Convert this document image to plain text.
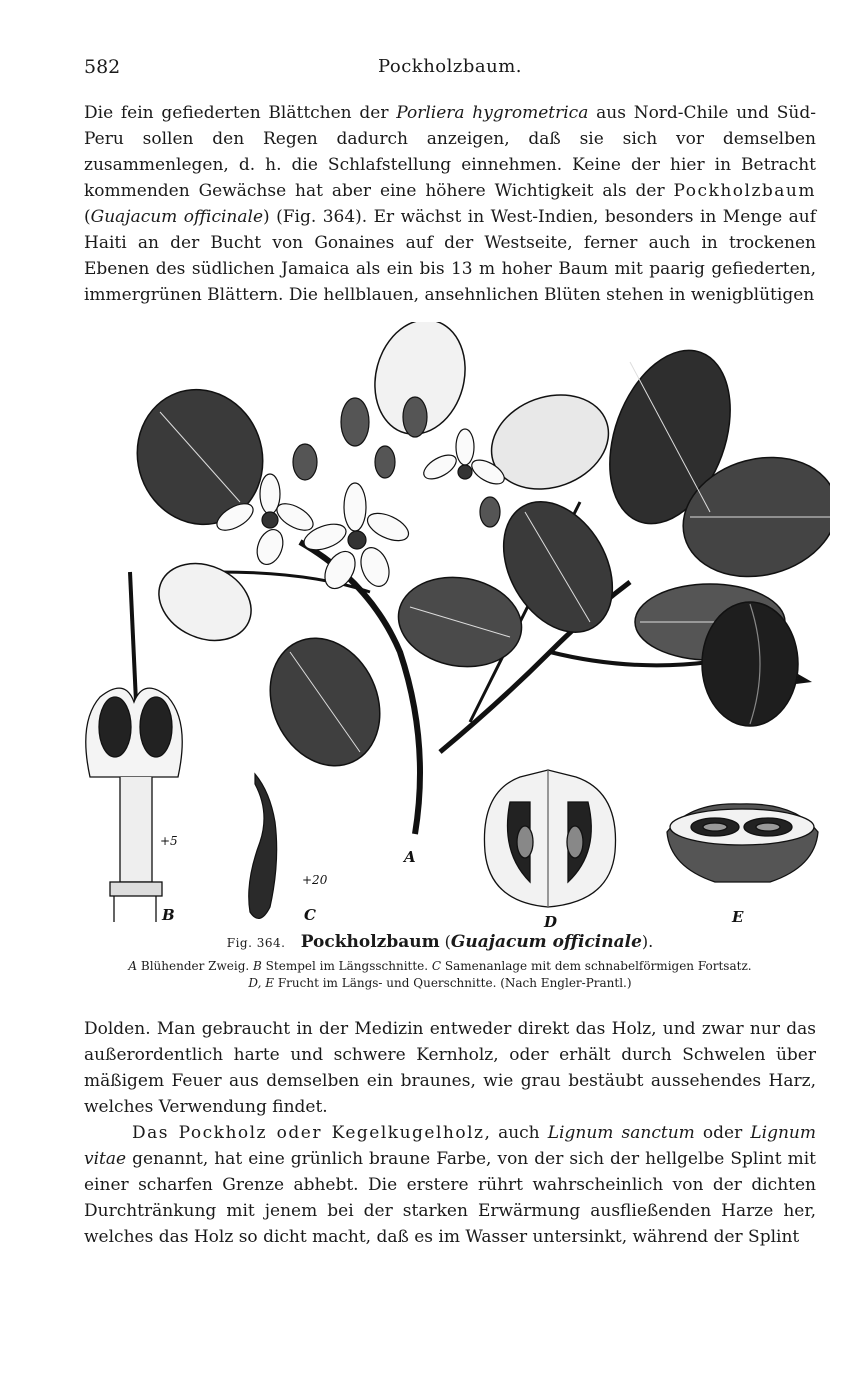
582	Pockholzbaum.

Die fein gefiederten Blättchen der Porliera hygrometrica aus Nord-Chile und Süd-Peru sollen den Regen dadurch anzeigen, daß sie sich vor demselben zusammenlegen, d. h. die Schlafstellung einnehmen. Keine der hier in Betracht kommenden Gewächse hat aber eine höhere Wichtigkeit als der Pockholzbaum (Guajacum officinale) (Fig. 364). Er wächst in West-Indien, besonders in Menge auf Haiti an der Bucht von Gonaines auf der Westseite, ferner auch in trockenen Ebenen des südlichen Jamaica als ein bis 13 m hoher Baum mit paarig gefiederten, immergrünen Blättern. Die hellblauen, ansehnlichen Blüten stehen in wenigblütigen

A
B	C	D	E
+5
+20

Fig. 364. Pockholzbaum (Guajacum officinale).

A Blühender Zweig. B Stempel im Längsschnitte. C Samenanlage mit dem schnabelförmigen Fortsatz.

D, E Frucht im Längs- und Querschnitte. (Nach Engler-Prantl.)

Dolden. Man gebraucht in der Medizin entweder direkt das Holz, und zwar nur das außerordentlich harte und schwere Kernholz, oder erhält durch Schwelen über mäßigem Feuer aus demselben ein braunes, wie grau bestäubt aussehendes Harz, welches Verwendung findet.

Das Pockholz oder Kegelkugelholz, auch Lignum sanctum oder Lignum vitae genannt, hat eine grünlich braune Farbe, von der sich der hellgelbe Splint mit einer scharfen Grenze abhebt. Die erstere rührt wahrscheinlich von der dichten Durchtränkung mit jenem bei der starken Erwärmung ausfließenden Harze her, welches das Holz so dicht macht, daß es im Wasser untersinkt, während der Splint
